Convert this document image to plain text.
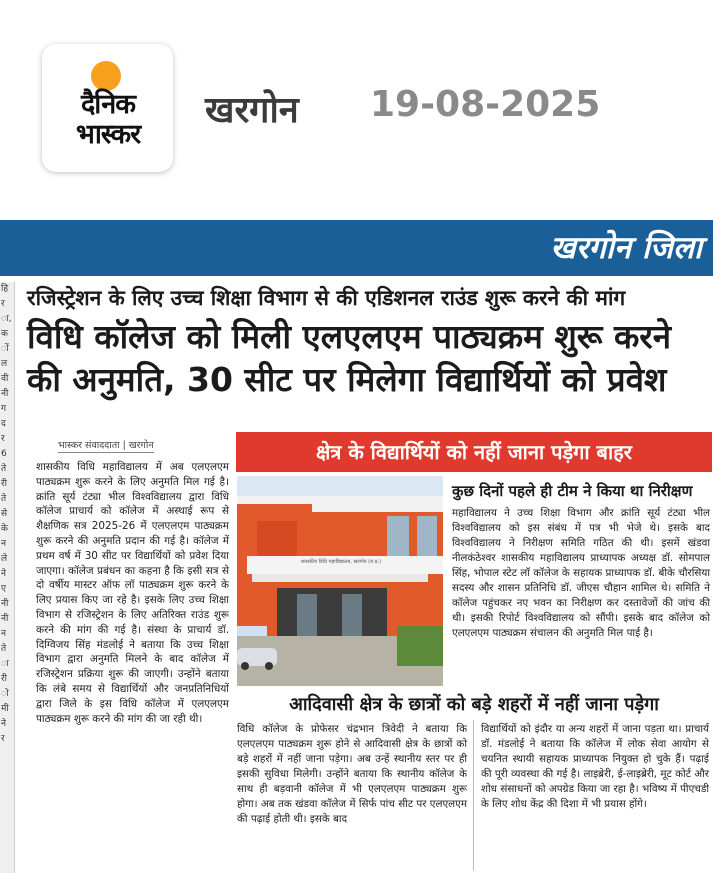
दैनिक भास्कर
खरगोन 19-08-2025
खरगोन जिला
हि
र
ा,
क
ों
ल
वी
नी
ग
द
र
6
ते
री
ते
से
के
न
ले
ने
ए
नी
नी
न
ते
ा
री
ो
मी
ने
र
रजिस्ट्रेशन के लिए उच्च शिक्षा विभाग से की एडिशनल राउंड शुरू करने की मांग
विधि कॉलेज को मिली एलएलएम पाठ्यक्रम शुरू करने की अनुमति, 30 सीट पर मिलेगा विद्यार्थियों को प्रवेश
भास्कर संवाददाता | खरगोन
शासकीय विधि महाविद्यालय में अब एलएलएम पाठ्यक्रम शुरू करने के लिए अनुमति मिल गई है। क्रांति सूर्य टंट्या भील विश्वविद्यालय द्वारा विधि कॉलेज प्राचार्य को कॉलेज में अस्थाई रूप से शैक्षणिक सत्र 2025-26 में एलएलएम पाठ्यक्रम शुरू करने की अनुमति प्रदान की गई है। कॉलेज में प्रथम वर्ष में 30 सीट पर विद्यार्थियों को प्रवेश दिया जाएगा। कॉलेज प्रबंधन का कहना है कि इसी सत्र से दो वर्षीय मास्टर ऑफ लॉ पाठ्यक्रम शुरू करने के लिए प्रयास किए जा रहे है। इसके लिए उच्च शिक्षा विभाग से रजिस्ट्रेशन के लिए अतिरिक्त राउंड शुरू करने की मांग की गई है। संस्था के प्राचार्य डॉ. दिग्विजय सिंह मंडलोई ने बताया कि उच्च शिक्षा विभाग द्वारा अनुमति मिलने के बाद कॉलेज में रजिस्ट्रेशन प्रक्रिया शुरू की जाएगी। उन्होंने बताया कि लंबे समय से विद्यार्थियों और जनप्रतिनिधियों द्वारा जिले के इस विधि कॉलेज में एलएलएम पाठ्यक्रम शुरू करने की मांग की जा रही थी।
क्षेत्र के विद्यार्थियों को नहीं जाना पड़ेगा बाहर
शासकीय विधि महाविद्यालय, खरगोन (म.प्र.)
कुछ दिनों पहले ही टीम ने किया था निरीक्षण
महाविद्यालय ने उच्च शिक्षा विभाग और क्रांति सूर्य टंट्या भील विश्वविद्यालय को इस संबंध में पत्र भी भेजे थे। इसके बाद विश्वविद्यालय ने निरीक्षण समिति गठित की थी। इसमें खंडवा नीलकंठेश्वर शासकीय महाविद्यालय प्राध्यापक अध्यक्ष डॉ. सोमपाल सिंह, भोपाल स्टेट लॉ कॉलेज के सहायक प्राध्यापक डॉ. बीके चौरसिया सदस्य और शासन प्रतिनिधि डॉ. जीएस चौहान शामिल थे। समिति ने कॉलेज पहुंचकर नए भवन का निरीक्षण कर दस्तावेजों की जांच की थी। इसकी रिपोर्ट विश्वविद्यालय को सौंपी। इसके बाद कॉलेज को एलएलएम पाठ्यक्रम संचालन की अनुमति मिल पाई है।
आदिवासी क्षेत्र के छात्रों को बड़े शहरों में नहीं जाना पड़ेगा
विधि कॉलेज के प्रोफेसर चंद्रभान त्रिवेदी ने बताया कि एलएलएम पाठ्यक्रम शुरू होने से आदिवासी क्षेत्र के छात्रों को बड़े शहरों में नहीं जाना पड़ेगा। अब उन्हें स्थानीय स्तर पर ही इसकी सुविधा मिलेगी। उन्होंने बताया कि स्थानीय कॉलेज के साथ ही बड़वानी कॉलेज में भी एलएलएम पाठ्यक्रम शुरू होगा। अब तक खंडवा कॉलेज में सिर्फ पांच सीट पर एलएलएम की पढ़ाई होती थी। इसके बाद
विद्यार्थियों को इंदौर या अन्य शहरों में जाना पड़ता था। प्राचार्य डॉ. मंडलोई ने बताया कि कॉलेज में लोक सेवा आयोग से चयनित स्थायी सहायक प्राध्यापक नियुक्त हो चुके हैं। पढ़ाई की पूरी व्यवस्था की गई है। लाइब्रेरी, ई-लाइब्रेरी, मूट कोर्ट और शोध संसाधनों को अपग्रेड किया जा रहा है। भविष्य में पीएचडी के लिए शोध केंद्र की दिशा में भी प्रयास होंगे।
